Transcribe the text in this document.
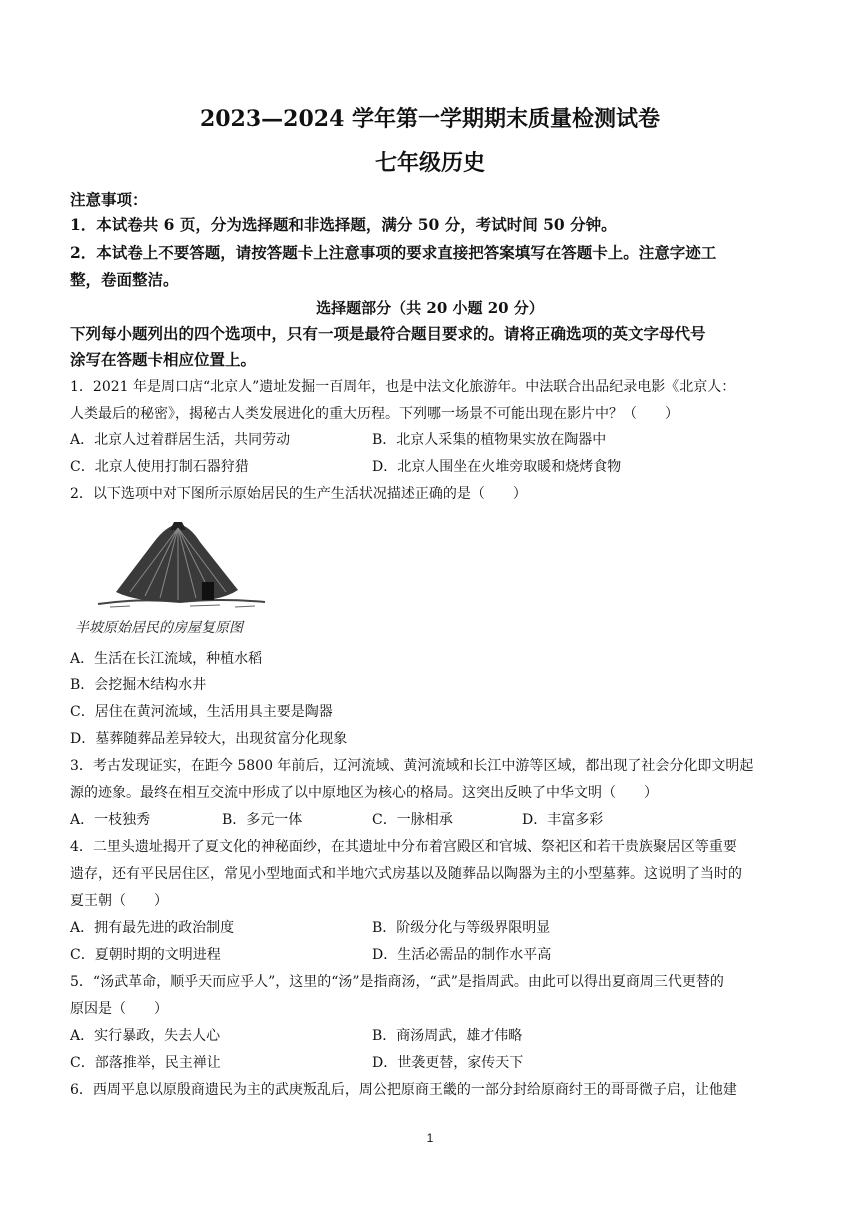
2023—2024 学年第一学期期末质量检测试卷
七年级历史
注意事项：
1．本试卷共 6 页，分为选择题和非选择题，满分 50 分，考试时间 50 分钟。
2．本试卷上不要答题，请按答题卡上注意事项的要求直接把答案填写在答题卡上。注意字迹工
整，卷面整洁。
选择题部分（共 20 小题 20 分）
下列每小题列出的四个选项中，只有一项是最符合题目要求的。请将正确选项的英文字母代号
涂写在答题卡相应位置上。
1．2021 年是周口店“北京人”遗址发掘一百周年，也是中法文化旅游年。中法联合出品纪录电影《北京人：
人类最后的秘密》，揭秘古人类发展进化的重大历程。下列哪一场景不可能出现在影片中？（　　）
A．北京人过着群居生活，共同劳动	B．北京人采集的植物果实放在陶器中
C．北京人使用打制石器狩猎	D．北京人围坐在火堆旁取暖和烧烤食物
2．以下选项中对下图所示原始居民的生产生活状况描述正确的是（　　）
半坡原始居民的房屋复原图
A．生活在长江流域，种植水稻
B．会挖掘木结构水井
C．居住在黄河流域，生活用具主要是陶器
D．墓葬随葬品差异较大，出现贫富分化现象
3．考古发现证实，在距今 5800 年前后，辽河流域、黄河流域和长江中游等区域，都出现了社会分化即文明起
源的迹象。最终在相互交流中形成了以中原地区为核心的格局。这突出反映了中华文明（　　）
A．一枝独秀	B．多元一体	C．一脉相承	D．丰富多彩
4．二里头遗址揭开了夏文化的神秘面纱，在其遗址中分布着宫殿区和官城、祭祀区和若干贵族聚居区等重要
遗存，还有平民居住区，常见小型地面式和半地穴式房基以及随葬品以陶器为主的小型墓葬。这说明了当时的
夏王朝（　　）
A．拥有最先进的政治制度	B．阶级分化与等级界限明显
C．夏朝时期的文明进程	D．生活必需品的制作水平高
5．“汤武革命，顺乎天而应乎人”，这里的“汤”是指商汤，“武”是指周武。由此可以得出夏商周三代更替的
原因是（　　）
A．实行暴政，失去人心	B．商汤周武，雄才伟略
C．部落推举，民主禅让	D．世袭更替，家传天下
6．西周平息以原殷商遗民为主的武庚叛乱后，周公把原商王畿的一部分封给原商纣王的哥哥微子启，让他建
1
